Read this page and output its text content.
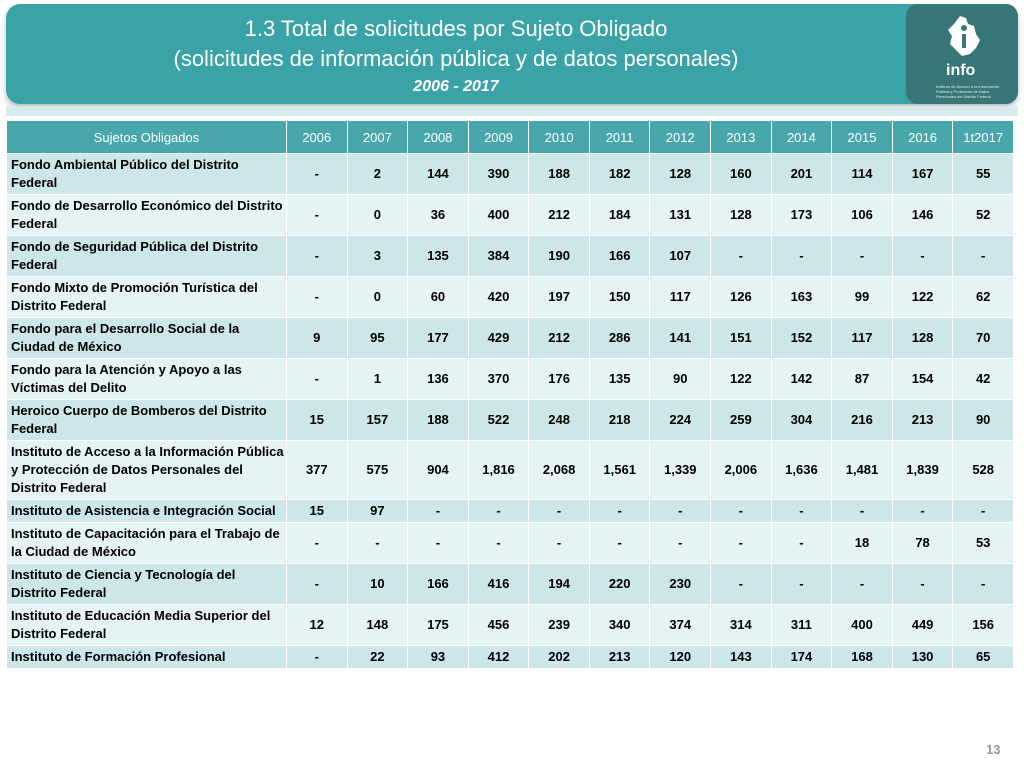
1.3 Total de solicitudes por Sujeto Obligado
(solicitudes de información pública y de datos personales)
2006 - 2017
info
Instituto de Acceso a la Información Pública y Protección de Datos Personales del Distrito Federal
Sujetos Obligados	2006	2007	2008	2009	2010	2011	2012	2013	2014	2015	2016	1t2017
Fondo Ambiental Público del Distrito Federal	-	2	144	390	188	182	128	160	201	114	167	55
Fondo de Desarrollo Económico del Distrito Federal	-	0	36	400	212	184	131	128	173	106	146	52
Fondo de Seguridad Pública del Distrito Federal	-	3	135	384	190	166	107	-	-	-	-	-
Fondo Mixto de Promoción Turística del Distrito Federal	-	0	60	420	197	150	117	126	163	99	122	62
Fondo para el Desarrollo Social de la Ciudad de México	9	95	177	429	212	286	141	151	152	117	128	70
Fondo para la Atención y Apoyo a las Víctimas del Delito	-	1	136	370	176	135	90	122	142	87	154	42
Heroico Cuerpo de Bomberos del Distrito Federal	15	157	188	522	248	218	224	259	304	216	213	90
Instituto de Acceso a la Información Pública y Protección de Datos Personales del Distrito Federal	377	575	904	1,816	2,068	1,561	1,339	2,006	1,636	1,481	1,839	528
Instituto de Asistencia e Integración Social	15	97	-	-	-	-	-	-	-	-	-	-
Instituto de Capacitación para el Trabajo de la Ciudad de México	-	-	-	-	-	-	-	-	-	18	78	53
Instituto de Ciencia y Tecnología del Distrito Federal	-	10	166	416	194	220	230	-	-	-	-	-
Instituto de Educación Media Superior del Distrito Federal	12	148	175	456	239	340	374	314	311	400	449	156
Instituto de Formación Profesional	-	22	93	412	202	213	120	143	174	168	130	65
13
